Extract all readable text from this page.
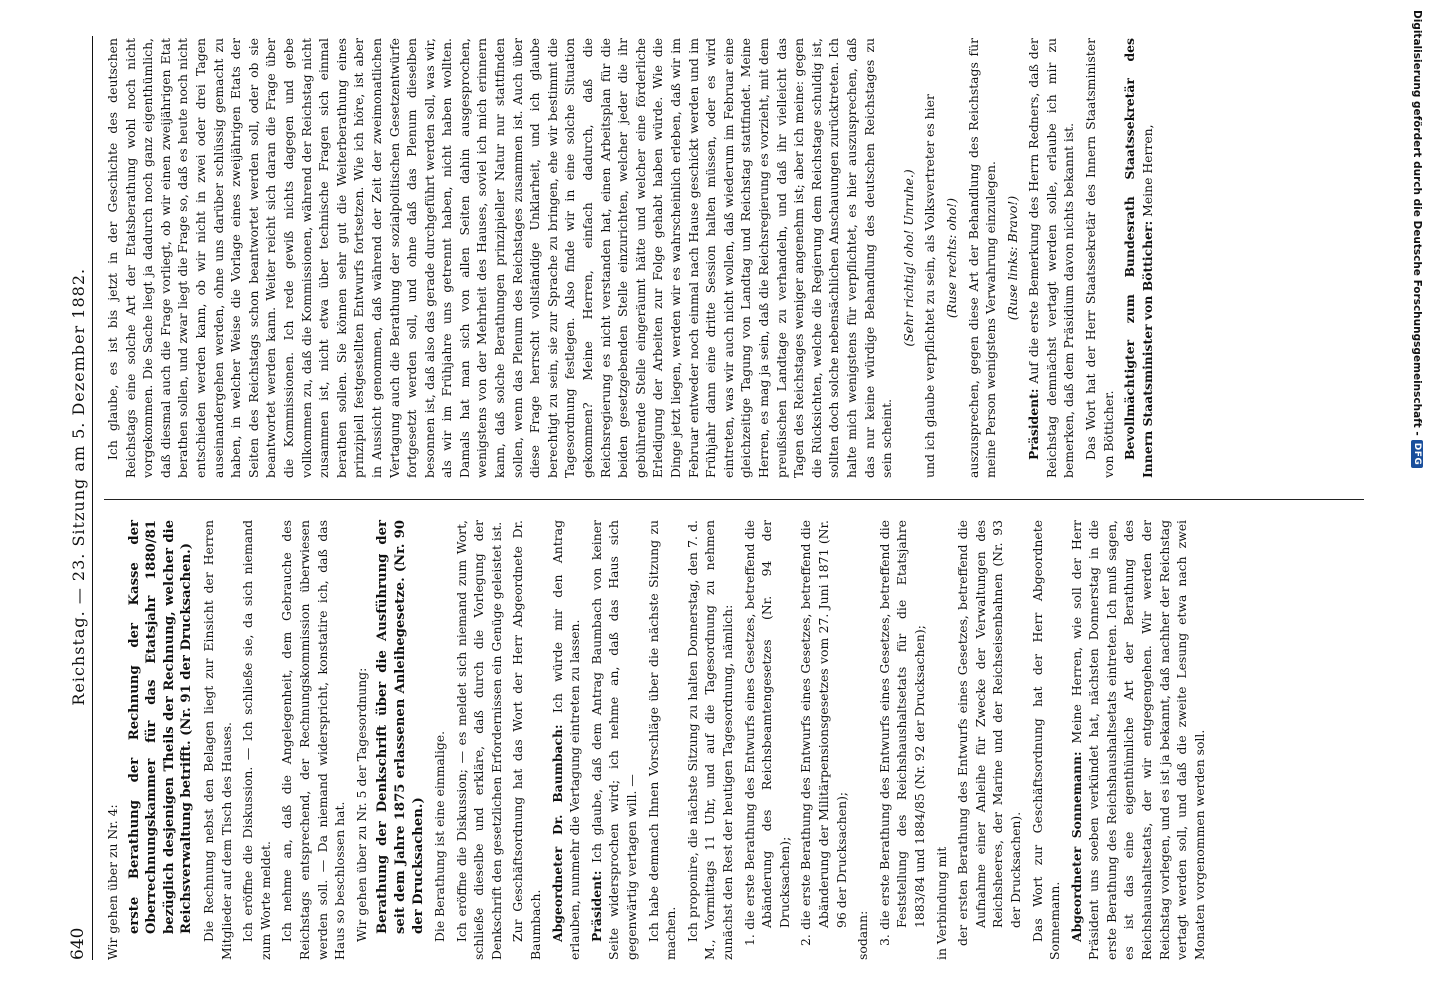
640
Reichstag. — 23. Sitzung am 5. Dezember 1882.

Wir gehen über zu Nr. 4: erste Berathung der Rechnung der Kasse der Oberrechnungskammer für das Etatsjahr 1880/81 bezüglich desjenigen Theils der Rechnung, welcher die Reichsverwaltung betrifft. (Nr. 91 der Drucksachen.) Die Rechnung nebst den Belagen liegt zur Einsicht der Herren Mitglieder auf dem Tisch des Hauses. Ich eröffne die Diskussion. — Ich schließe sie, da sich niemand zum Worte meldet. Ich nehme an, daß die Angelegenheit, dem Gebrauche des Reichstags entsprechend, der Rechnungskommission überwiesen werden soll. — Da niemand widerspricht, konstatire ich, daß das Haus so beschlossen hat. Wir gehen über zu Nr. 5 der Tagesordnung: Berathung der Denkschrift über die Ausführung der seit dem Jahre 1875 erlassenen Anleihegesetze. (Nr. 90 der Drucksachen.) Die Berathung ist eine einmalige. Ich eröffne die Diskussion; — es meldet sich niemand zum Wort, schließe dieselbe und erkläre, daß durch die Vorlegung der Denkschrift den gesetzlichen Erfordernissen ein Genüge geleistet ist. Zur Geschäftsordnung hat das Wort der Herr Abgeordnete Dr. Baumbach. Abgeordneter Dr. Baumbach: Ich würde mir den Antrag erlauben, nunmehr die Vertagung eintreten zu lassen. Präsident: Ich glaube, daß dem Antrag Baumbach von keiner Seite widersprochen wird; ich nehme an, daß das Haus sich gegenwärtig vertagen will. — Ich habe demnach Ihnen Vorschläge über die nächste Sitzung zu machen. Ich proponire, die nächste Sitzung zu halten Donnerstag, den 7. d. M., Vormittags 11 Uhr, und auf die Tagesordnung zu nehmen zunächst den Rest der heutigen Tagesordnung, nämlich: 1. die erste Berathung des Entwurfs eines Gesetzes, betreffend die Abänderung des Reichsbeamtengesetzes (Nr. 94 der Drucksachen); 2. die erste Berathung des Entwurfs eines Gesetzes, betreffend die Abänderung der Militärpensionsgesetzes vom 27. Juni 1871 (Nr. 96 der Drucksachen);

sodann: 3. die erste Berathung des Entwurfs eines Gesetzes, betreffend die Feststellung des Reichshaushaltsetats für die Etatsjahre 1883/84 und 1884/85 (Nr. 92 der Drucksachen); in Verbindung mit der ersten Berathung des Entwurfs eines Gesetzes, betreffend die Aufnahme einer Anleihe für Zwecke der Verwaltungen des Reichsheeres, der Marine und der Reichseisenbahnen (Nr. 93 der Drucksachen). Das Wort zur Geschäftsordnung hat der Herr Abgeordnete Sonnemann. Abgeordneter Sonnemann: Meine Herren, wie soll der Herr Präsident uns soeben verkündet hat, nächsten Donnerstag in die erste Berathung des Reichshaushaltsetats eintreten. Ich muß sagen, es ist das eine eigenthümliche Art der Berathung des Reichshaushaltsetats, der wir entgegengehen. Wir werden der Reichstag vorlegen, und es ist ja bekannt, daß nachher der Reichstag vertagt werden soll, und daß die zweite Lesung etwa nach zwei Monaten vorgenommen werden soll.

Ich glaube, es ist bis jetzt in der Geschichte des deutschen Reichstags eine solche Art der Etatsberathung wohl noch nicht vorgekommen. Die Sache liegt ja dadurch noch ganz eigenthümlich, daß diesmal auch die Frage vorliegt, ob wir einen zweijährigen Etat berathen sollen, und zwar liegt die Frage so, daß es heute noch nicht entschieden werden kann, ob wir nicht in zwei oder drei Tagen auseinandergehen werden, ohne uns darüber schlüssig gemacht zu haben, in welcher Weise die Vorlage eines zweijährigen Etats der Seiten des Reichstags schon beantwortet werden soll, oder ob sie beantwortet werden kann. Weiter reicht sich daran die Frage über die Kommissionen. Ich rede gewiß nichts dagegen und gebe vollkommen zu, daß die Kommissionen, während der Reichstag nicht zusammen ist, nicht etwa über technische Fragen sich einmal berathen sollen. Sie können sehr gut die Weiterberathung eines prinzipiell festgestellten Entwurfs fortsetzen. Wie ich höre, ist aber in Aussicht genommen, daß während der Zeit der zweimonatlichen Vertagung auch die Berathung der sozialpolitischen Gesetzentwürfe fortgesetzt werden soll, und ohne daß das Plenum dieselben besonnen ist, daß also das gerade durchgeführt werden soll, was wir, als wir im Frühjahre uns getrennt haben, nicht haben wollten. Damals hat man sich von allen Seiten dahin ausgesprochen, wenigstens von der Mehrheit des Hauses, soviel ich mich erinnern kann, daß solche Berathungen prinzipieller Natur nur stattfinden sollen, wenn das Plenum des Reichstages zusammen ist. Auch über diese Frage herrscht vollständige Unklarheit, und ich glaube berechtigt zu sein, sie zur Sprache zu bringen, ehe wir bestimmt die Tagesordnung festlegen. Also finde wir in eine solche Situation gekommen? Meine Herren, einfach dadurch, daß die Reichsregierung es nicht verstanden hat, einen Arbeitsplan für die beiden gesetzgebenden Stelle einzurichten, welcher jeder die ihr gebührende Stelle eingeräumt hätte und welcher eine förderliche Erledigung der Arbeiten zur Folge gehabt haben würde. Wie die Dinge jetzt liegen, werden wir es wahrscheinlich erleben, daß wir im Februar entweder noch einmal nach Hause geschickt werden und im Frühjahr dann eine dritte Session halten müssen, oder es wird eintreten, was wir auch nicht wollen, daß wiederum im Februar eine gleichzeitige Tagung von Landtag und Reichstag stattfindet. Meine Herren, es mag ja sein, daß die Reichsregierung es vorzieht, mit dem preußischen Landtage zu verhandeln, und daß ihr vielleicht das Tagen des Reichstages weniger angenehm ist; aber ich meine: gegen die Rücksichten, welche die Regierung dem Reichstage schuldig ist, sollten doch solche nebensächlichen Anschauungen zurücktreten. Ich halte mich wenigstens für verpflichtet, es hier auszusprechen, daß das nur keine würdige Behandlung des deutschen Reichstages zu sein scheint.

(Sehr richtig! oho! Unruhe.) und ich glaube verpflichtet zu sein, als Volksvertreter es hier (Ruse rechts: oho!) auszusprechen, gegen diese Art der Behandlung des Reichstags für meine Person wenigstens Verwahrung einzulegen. (Ruse links: Bravo!)

Präsident: Auf die erste Bemerkung des Herrn Redners, daß der Reichstag demnächst vertagt werden solle, erlaube ich mir zu bemerken, daß dem Präsidium davon nichts bekannt ist. Das Wort hat der Herr Staatssekretär des Innern Staatsminister von Bötticher. Bevollmächtigter zum Bundesrath Staatssekretär des Innern Staatsminister von Bötticher: Meine Herren,	Digitalisierung gefördert durch die Deutsche Forschungsgemeinschaft -
DFG
